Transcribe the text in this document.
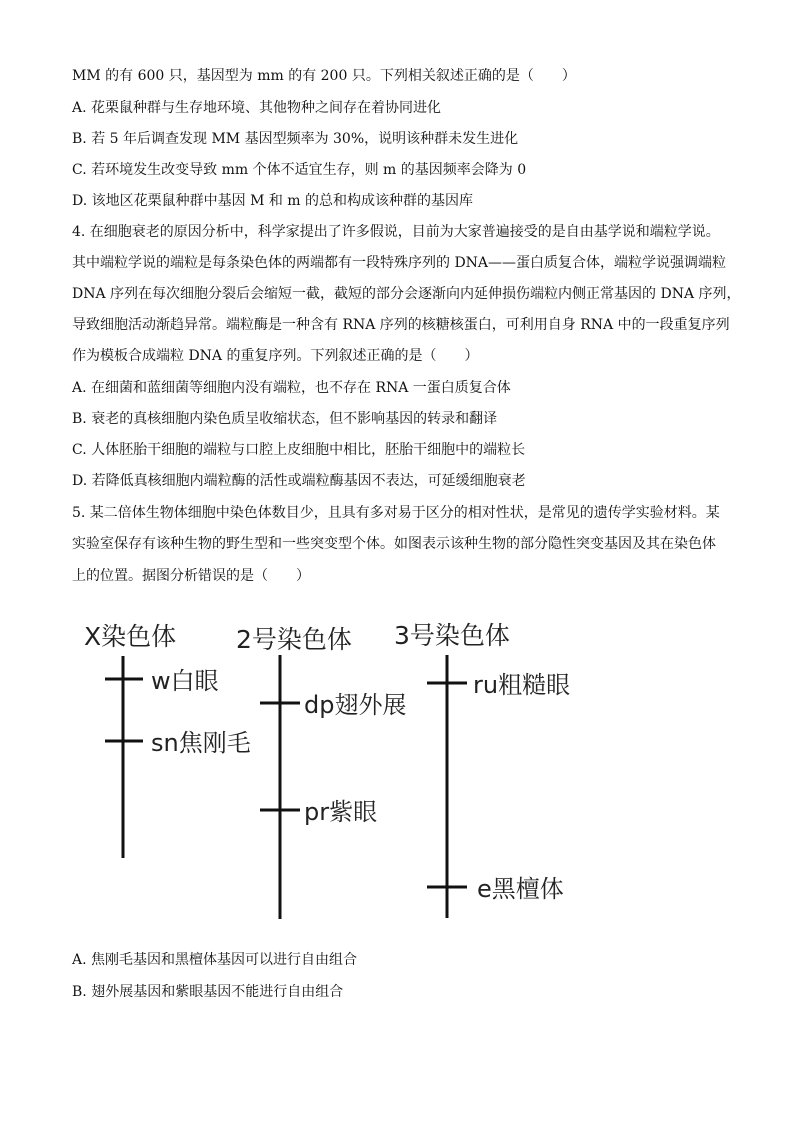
MM 的有 600 只，基因型为 mm 的有 200 只。下列相关叙述正确的是（　　）
A. 花栗鼠种群与生存地环境、其他物种之间存在着协同进化
B. 若 5 年后调查发现 MM 基因型频率为 30%，说明该种群未发生进化
C. 若环境发生改变导致 mm 个体不适宜生存，则 m 的基因频率会降为 0
D. 该地区花栗鼠种群中基因 M 和 m 的总和构成该种群的基因库
4. 在细胞衰老的原因分析中，科学家提出了许多假说，目前为大家普遍接受的是自由基学说和端粒学说。
其中端粒学说的端粒是每条染色体的两端都有一段特殊序列的 DNA——蛋白质复合体，端粒学说强调端粒
DNA 序列在每次细胞分裂后会缩短一截，截短的部分会逐渐向内延伸损伤端粒内侧正常基因的 DNA 序列，
导致细胞活动渐趋异常。端粒酶是一种含有 RNA 序列的核糖核蛋白，可利用自身 RNA 中的一段重复序列
作为模板合成端粒 DNA 的重复序列。下列叙述正确的是（　　）
A. 在细菌和蓝细菌等细胞内没有端粒，也不存在 RNA 一蛋白质复合体
B. 衰老的真核细胞内染色质呈收缩状态，但不影响基因的转录和翻译
C. 人体胚胎干细胞的端粒与口腔上皮细胞中相比，胚胎干细胞中的端粒长
D. 若降低真核细胞内端粒酶的活性或端粒酶基因不表达，可延缓细胞衰老
5. 某二倍体生物体细胞中染色体数目少，且具有多对易于区分的相对性状，是常见的遗传学实验材料。某
实验室保存有该种生物的野生型和一些突变型个体。如图表示该种生物的部分隐性突变基因及其在染色体
上的位置。据图分析错误的是（　　）
X染色体 2号染色体 3号染色体
w白眼
sn焦刚毛
dp翅外展
pr紫眼
ru粗糙眼
e黑檀体
A. 焦刚毛基因和黑檀体基因可以进行自由组合
B. 翅外展基因和紫眼基因不能进行自由组合
